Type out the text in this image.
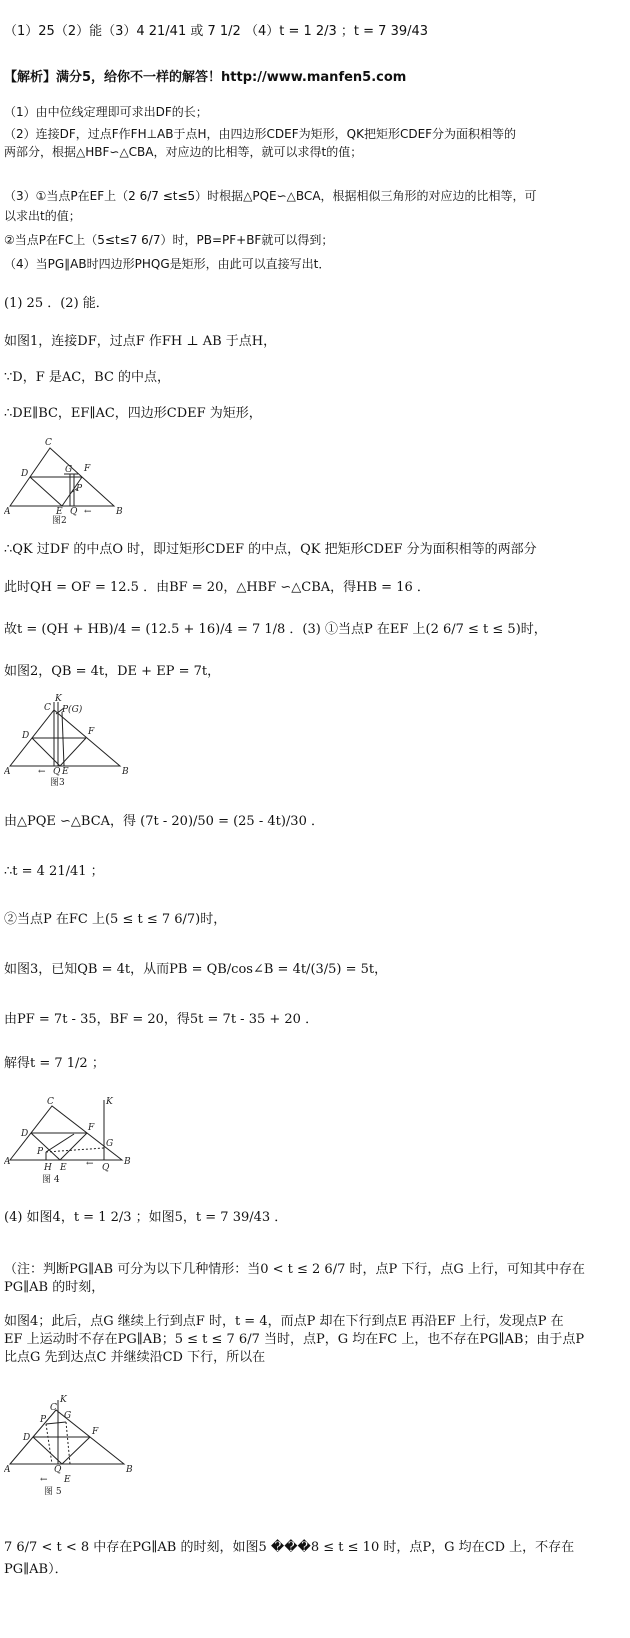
（1）25（2）能（3）4 21/41 或 7 1/2 （4）t = 1 2/3 ；t = 7 39/43
【解析】满分5，给你不一样的解答！http://www.manfen5.com
（1）由中位线定理即可求出DF的长；
（2）连接DF，过点F作FH⊥AB于点H，由四边形CDEF为矩形，QK把矩形CDEF分为面积相等的
两部分，根据△HBF∽△CBA，对应边的比相等，就可以求得t的值；
（3）①当点P在EF上（2 6/7 ≤t≤5）时根据△PQE∽△BCA，根据相似三角形的对应边的比相等，可
以求出t的值；
②当点P在FC上（5≤t≤7 6/7）时，PB=PF+BF就可以得到；
（4）当PG∥AB时四边形PHQG是矩形，由此可以直接写出t．
(1) 25 ．(2) 能．
如图1，连接DF，过点F 作FH ⊥ AB 于点H，
∵D，F 是AC，BC 的中点，
∴DE∥BC，EF∥AC，四边形CDEF 为矩形，
C
D	G F
P
A	E Q	B
←
图2
∴QK 过DF 的中点O 时，即过矩形CDEF 的中点，QK 把矩形CDEF 分为面积相等的两部分
此时QH = OF = 12.5 ．由BF = 20，△HBF ∽△CBA，得HB = 16 ．
故t = (QH + HB)/4 = (12.5 + 16)/4 = 7 1/8 ．(3) ①当点P 在EF 上(2 6/7 ≤ t ≤ 5)时，
如图2，QB = 4t，DE + EP = 7t，
K
C P(G)
D	F
A	Q E	B
←
图3
由△PQE ∽△BCA，得 (7t - 20)/50 = (25 - 4t)/30 ．
∴t = 4 21/41 ；
②当点P 在FC 上(5 ≤ t ≤ 7 6/7)时，
如图3，已知QB = 4t，从而PB = QB/cos∠B = 4t/(3/5) = 5t，
由PF = 7t - 35，BF = 20，得5t = 7t - 35 + 20 ．
解得t = 7 1/2 ；
C	K
D
F
P
G
A
H E	Q
B
←
图 4
(4) 如图4，t = 1 2/3 ；如图5，t = 7 39/43 ．
（注：判断PG∥AB 可分为以下几种情形：当0 < t ≤ 2 6/7 时，点P 下行，点G 上行，可知其中存在
PG∥AB 的时刻，
如图4；此后，点G 继续上行到点F 时，t = 4，而点P 却在下行到点E 再沿EF 上行，发现点P 在
EF 上运动时不存在PG∥AB；5 ≤ t ≤ 7 6/7 当时，点P，G 均在FC 上，也不存在PG∥AB；由于点P
比点G 先到达点C 并继续沿CD 下行，所以在
K
C
P G
D
F
A	Q
E
B
←
图 5
7 6/7 < t < 8 中存在PG∥AB 的时刻，如图5 ���8 ≤ t ≤ 10 时，点P，G 均在CD 上，不存在
PG∥AB）．
